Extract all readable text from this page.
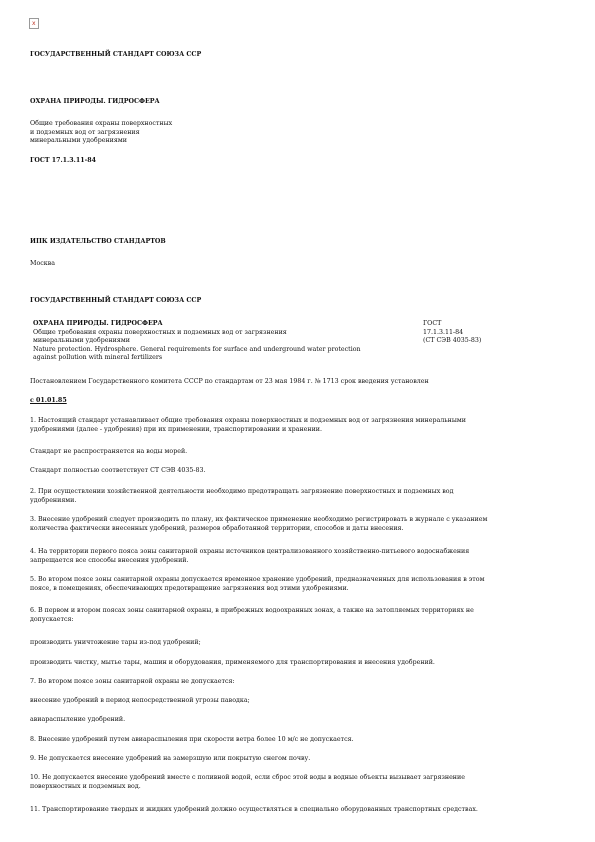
x

ГОСУДАРСТВЕННЫЙ СТАНДАРТ СОЮЗА ССР

ОХРАНА ПРИРОДЫ. ГИДРОСФЕРА

Общие требования охраны поверхностных
и подземных вод от загрязнения
минеральными удобрениями

ГОСТ 17.1.3.11-84

ИПК ИЗДАТЕЛЬСТВО СТАНДАРТОВ

Москва

ГОСУДАРСТВЕННЫЙ СТАНДАРТ СОЮЗА ССР

ОХРАНА ПРИРОДЫ. ГИДРОСФЕРА
Общие требования охраны поверхностных и подземных вод от загрязнения
минеральными удобрениями
Nature protection. Hydrosphere. General requirements for surface and underground water protection
against pollution with mineral fertilizers
ГОСТ
17.1.3.11-84
(СТ СЭВ 4035-83)

Постановлением Государственного комитета СССР по стандартам от 23 мая 1984 г. № 1713 срок введения установлен

с 01.01.85

1. Настоящий стандарт устанавливает общие требования охраны поверхностных и подземных вод от загрязнения минеральными
удобрениями (далее - удобрения) при их применении, транспортировании и хранении.
Стандарт не распространяется на воды морей.
Стандарт полностью соответствует СТ СЭВ 4035-83.
2. При осуществлении хозяйственной деятельности необходимо предотвращать загрязнение поверхностных и подземных вод
удобрениями.
3. Внесение удобрений следует производить по плану, их фактическое применение необходимо регистрировать в журнале с указанием
количества фактически внесенных удобрений, размеров обработанной территории, способов и даты внесения.
4. На территории первого пояса зоны санитарной охраны источников централизованного хозяйственно-питьевого водоснабжения
запрещается все способы внесения удобрений.
5. Во втором поясе зоны санитарной охраны допускается временное хранение удобрений, предназначенных для использования в этом
поясе, в помещениях, обеспечивающих предотвращение загрязнения вод этими удобрениями.
6. В первом и втором поясах зоны санитарной охраны, в прибрежных водоохранных зонах, а также на затопляемых территориях не
допускается:
производить уничтожение тары из-под удобрений;
производить чистку, мытье тары, машин и оборудования, применяемого для транспортирования и внесения удобрений.
7. Во втором поясе зоны санитарной охраны не допускается:
внесение удобрений в период непосредственной угрозы паводка;
авиараспыление удобрений.
8. Внесение удобрений путем авиараспыления при скорости ветра более 10 м/с не допускается.
9. Не допускается внесение удобрений на замерзшую или покрытую снегом почву.
10. Не допускается внесение удобрений вместе с поливной водой, если сброс этой воды в водные объекты вызывает загрязнение
поверхностных и подземных вод.
11. Транспортирование твердых и жидких удобрений должно осуществляться в специально оборудованных транспортных средствах.
